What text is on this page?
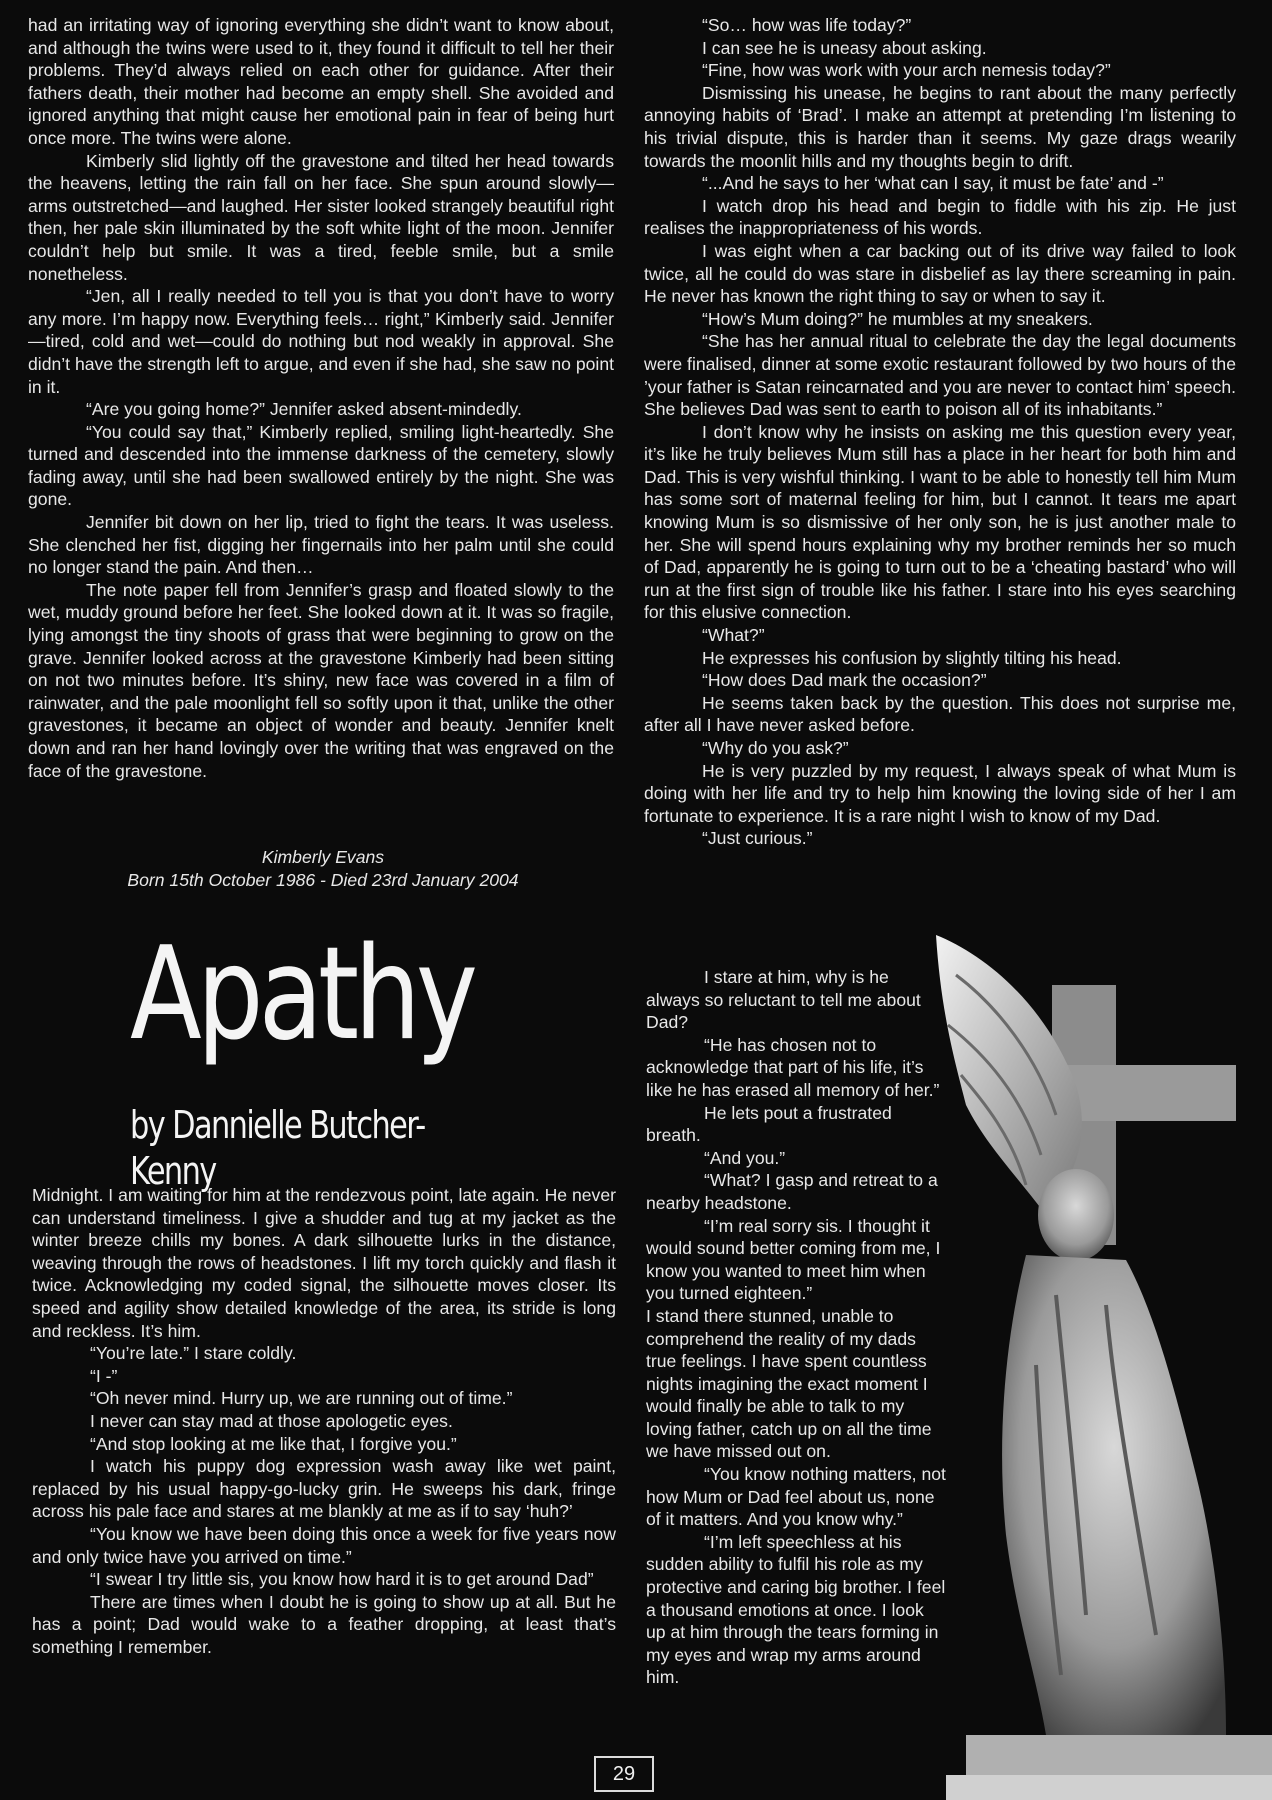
had an irritating way of ignoring everything she didn’t want to know about, and although the twins were used to it, they found it difficult to tell her their problems. They’d always relied on each other for guidance. After their fathers death, their mother had become an empty shell. She avoided and ignored anything that might cause her emotional pain in fear of being hurt once more. The twins were alone.

Kimberly slid lightly off the gravestone and tilted her head towards the heavens, letting the rain fall on her face. She spun around slowly—arms outstretched—and laughed. Her sister looked strangely beautiful right then, her pale skin illuminated by the soft white light of the moon. Jennifer couldn’t help but smile. It was a tired, feeble smile, but a smile nonetheless.

“Jen, all I really needed to tell you is that you don’t have to worry any more. I’m happy now. Everything feels… right,” Kimberly said. Jennifer—tired, cold and wet—could do nothing but nod weakly in approval. She didn’t have the strength left to argue, and even if she had, she saw no point in it.

“Are you going home?” Jennifer asked absent-mindedly.

“You could say that,” Kimberly replied, smiling light-heartedly. She turned and descended into the immense darkness of the cemetery, slowly fading away, until she had been swallowed entirely by the night. She was gone.

Jennifer bit down on her lip, tried to fight the tears. It was useless. She clenched her fist, digging her fingernails into her palm until she could no longer stand the pain. And then…

The note paper fell from Jennifer’s grasp and floated slowly to the wet, muddy ground before her feet. She looked down at it. It was so fragile, lying amongst the tiny shoots of grass that were beginning to grow on the grave. Jennifer looked across at the gravestone Kimberly had been sitting on not two minutes before. It’s shiny, new face was covered in a film of rainwater, and the pale moonlight fell so softly upon it that, unlike the other gravestones, it became an object of wonder and beauty. Jennifer knelt down and ran her hand lovingly over the writing that was engraved on the face of the gravestone.

Kimberly Evans
Born 15th October 1986 - Died 23rd January 2004
Apathy
by Dannielle Butcher-Kenny

Midnight. I am waiting for him at the rendezvous point, late again. He never can understand timeliness. I give a shudder and tug at my jacket as the winter breeze chills my bones. A dark silhouette lurks in the distance, weaving through the rows of headstones. I lift my torch quickly and flash it twice. Acknowledging my coded signal, the silhouette moves closer. Its speed and agility show detailed knowledge of the area, its stride is long and reckless. It’s him.

“You’re late.” I stare coldly.

“I -”

“Oh never mind. Hurry up, we are running out of time.”

I never can stay mad at those apologetic eyes.

“And stop looking at me like that, I forgive you.”

I watch his puppy dog expression wash away like wet paint, replaced by his usual happy-go-lucky grin. He sweeps his dark, fringe across his pale face and stares at me blankly at me as if to say ‘huh?’

“You know we have been doing this once a week for five years now and only twice have you arrived on time.”

“I swear I try little sis, you know how hard it is to get around Dad”

There are times when I doubt he is going to show up at all. But he has a point; Dad would wake to a feather dropping, at least that’s something I remember.

“So… how was life today?”

I can see he is uneasy about asking.

“Fine, how was work with your arch nemesis today?”

Dismissing his unease, he begins to rant about the many perfectly annoying habits of ‘Brad’. I make an attempt at pretending I’m listening to his trivial dispute, this is harder than it seems. My gaze drags wearily towards the moonlit hills and my thoughts begin to drift.

“...And he says to her ‘what can I say, it must be fate’ and -”

I watch drop his head and begin to fiddle with his zip. He just realises the inappropriateness of his words.

I was eight when a car backing out of its drive way failed to look twice, all he could do was stare in disbelief as lay there screaming in pain. He never has known the right thing to say or when to say it.

“How’s Mum doing?” he mumbles at my sneakers.

“She has her annual ritual to celebrate the day the legal documents were finalised, dinner at some exotic restaurant followed by two hours of the ’your father is Satan reincarnated and you are never to contact him’ speech. She believes Dad was sent to earth to poison all of its inhabitants.”

I don’t know why he insists on asking me this question every year, it’s like he truly believes Mum still has a place in her heart for both him and Dad. This is very wishful thinking. I want to be able to honestly tell him Mum has some sort of maternal feeling for him, but I cannot. It tears me apart knowing Mum is so dismissive of her only son, he is just another male to her. She will spend hours explaining why my brother reminds her so much of Dad, apparently he is going to turn out to be a ‘cheating bastard’ who will run at the first sign of trouble like his father. I stare into his eyes searching for this elusive connection.

“What?”

He expresses his confusion by slightly tilting his head.

“How does Dad mark the occasion?”

He seems taken back by the question. This does not surprise me, after all I have never asked before.

“Why do you ask?”

He is very puzzled by my request, I always speak of what Mum is doing with her life and try to help him knowing the loving side of her I am fortunate to experience. It is a rare night I wish to know of my Dad.

“Just curious.”

I stare at him, why is he always so reluctant to tell me about Dad?

“He has chosen not to acknowledge that part of his life, it’s like he has erased all memory of her.”

He lets pout a frustrated breath.

“And you.”

“What? I gasp and retreat to a nearby headstone.

“I’m real sorry sis. I thought it would sound better coming from me, I know you wanted to meet him when you turned eighteen.”

I stand there stunned, unable to comprehend the reality of my dads true feelings. I have spent countless nights imagining the exact moment I would finally be able to talk to my loving father, catch up on all the time we have missed out on.

“You know nothing matters, not how Mum or Dad feel about us, none of it matters. And you know why.”

“I’m left speechless at his sudden ability to fulfil his role as my protective and caring big brother. I feel a thousand emotions at once. I look up at him through the tears forming in my eyes and wrap my arms around him.

29
